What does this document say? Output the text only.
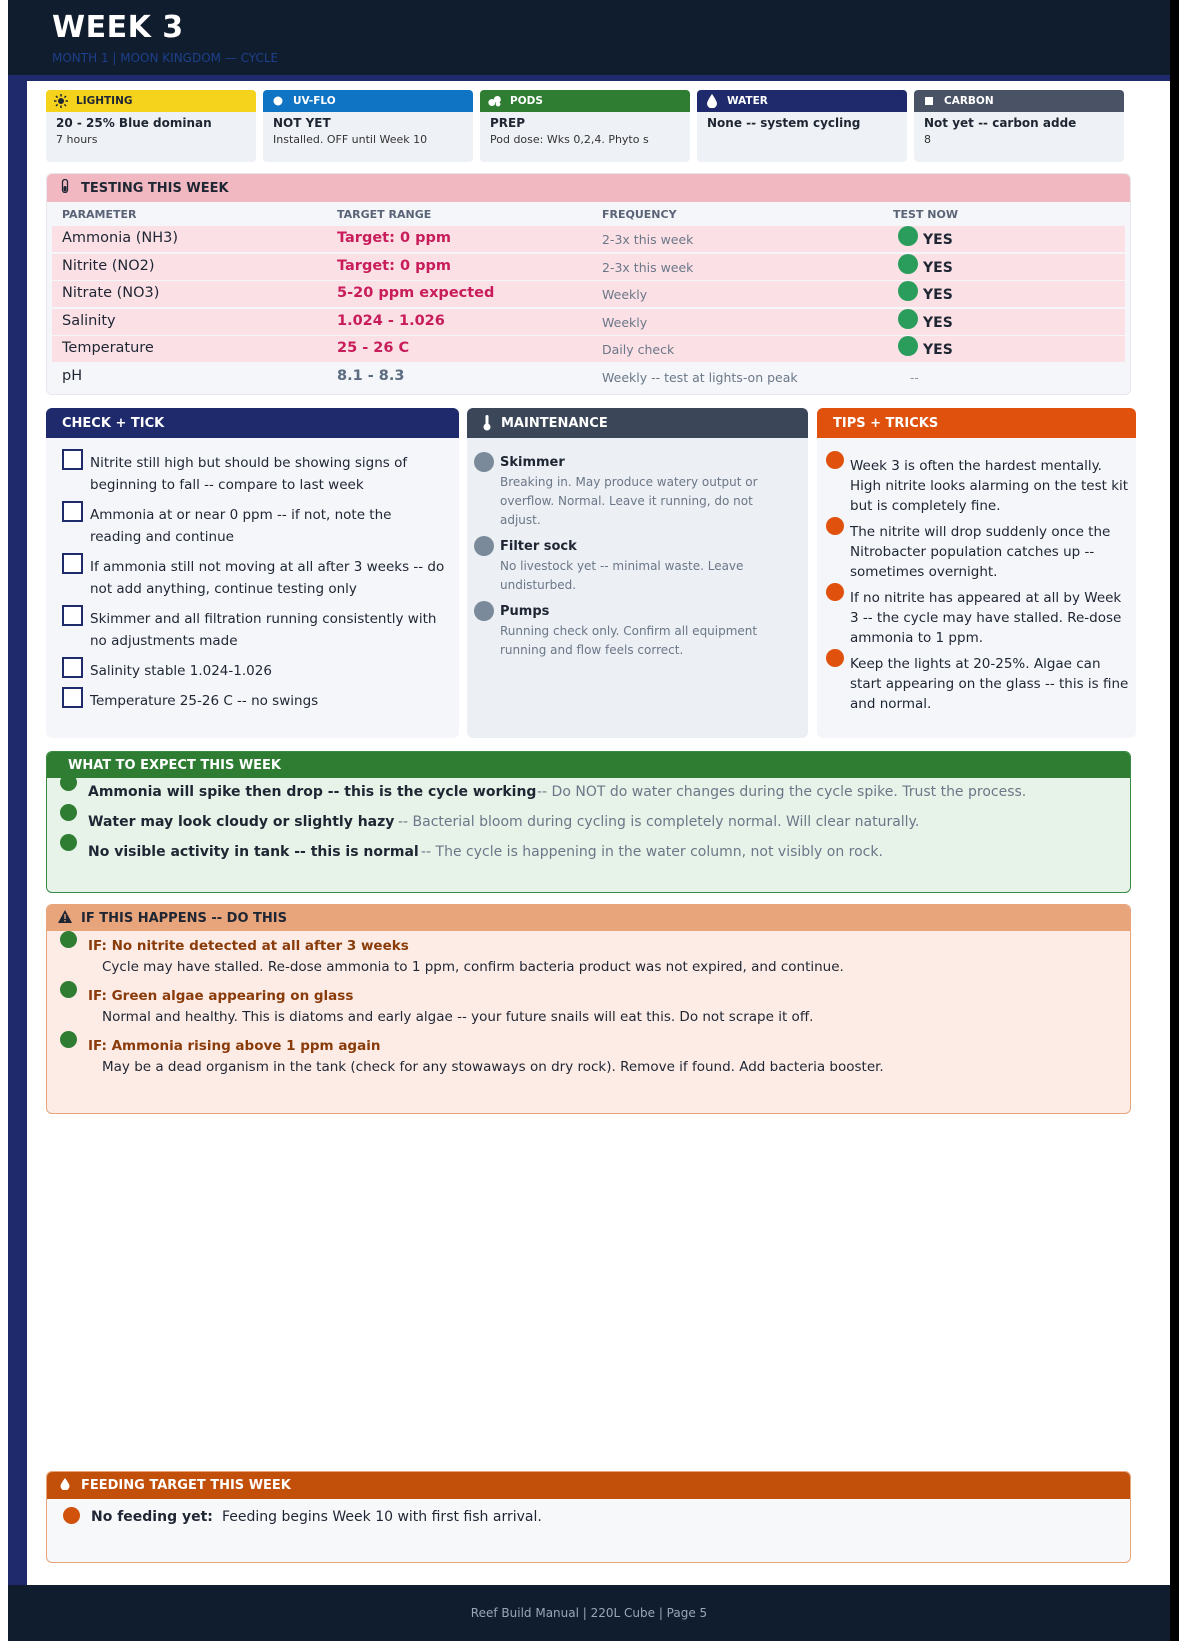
WEEK 3
MONTH 1 | MOON KINGDOM — CYCLE
LIGHTING
20 - 25% Blue dominan
7 hours
UV-FLO
NOT YET
Installed. OFF until Week 10
PODS
PREP
Pod dose: Wks 0,2,4. Phyto s
WATER
None -- system cycling
CARBON
Not yet -- carbon adde
8
TESTING THIS WEEK
PARAMETER	TARGET RANGE	FREQUENCY	TEST NOW
Ammonia (NH3)	Target: 0 ppm	2-3x this week	YES
Nitrite (NO2)	Target: 0 ppm	2-3x this week	YES
Nitrate (NO3)	5-20 ppm expected	Weekly	YES
Salinity	1.024 - 1.026	Weekly	YES
Temperature	25 - 26 C	Daily check	YES
pH	8.1 - 8.3	Weekly -- test at lights-on peak	--
CHECK + TICK
Nitrite still high but should be showing signs of beginning to fall -- compare to last week
Ammonia at or near 0 ppm -- if not, note the reading and continue
If ammonia still not moving at all after 3 weeks -- do not add anything, continue testing only
Skimmer and all filtration running consistently with no adjustments made
Salinity stable 1.024-1.026
Temperature 25-26 C -- no swings
MAINTENANCE
Skimmer
Breaking in. May produce watery output or overflow. Normal. Leave it running, do not adjust.
Filter sock
No livestock yet -- minimal waste. Leave undisturbed.
Pumps
Running check only. Confirm all equipment running and flow feels correct.
TIPS + TRICKS
Week 3 is often the hardest mentally. High nitrite looks alarming on the test kit but is completely fine.
The nitrite will drop suddenly once the Nitrobacter population catches up -- sometimes overnight.
If no nitrite has appeared at all by Week 3 -- the cycle may have stalled. Re-dose ammonia to 1 ppm.
Keep the lights at 20-25%. Algae can start appearing on the glass -- this is fine and normal.
WHAT TO EXPECT THIS WEEK
Ammonia will spike then drop -- this is the cycle working -- Do NOT do water changes during the cycle spike. Trust the process.
Water may look cloudy or slightly hazy -- Bacterial bloom during cycling is completely normal. Will clear naturally.
No visible activity in tank -- this is normal -- The cycle is happening in the water column, not visibly on rock.
IF THIS HAPPENS -- DO THIS
IF: No nitrite detected at all after 3 weeks
Cycle may have stalled. Re-dose ammonia to 1 ppm, confirm bacteria product was not expired, and continue.
IF: Green algae appearing on glass
Normal and healthy. This is diatoms and early algae -- your future snails will eat this. Do not scrape it off.
IF: Ammonia rising above 1 ppm again
May be a dead organism in the tank (check for any stowaways on dry rock). Remove if found. Add bacteria booster.
FEEDING TARGET THIS WEEK
No feeding yet: Feeding begins Week 10 with first fish arrival.
Reef Build Manual | 220L Cube | Page 5
